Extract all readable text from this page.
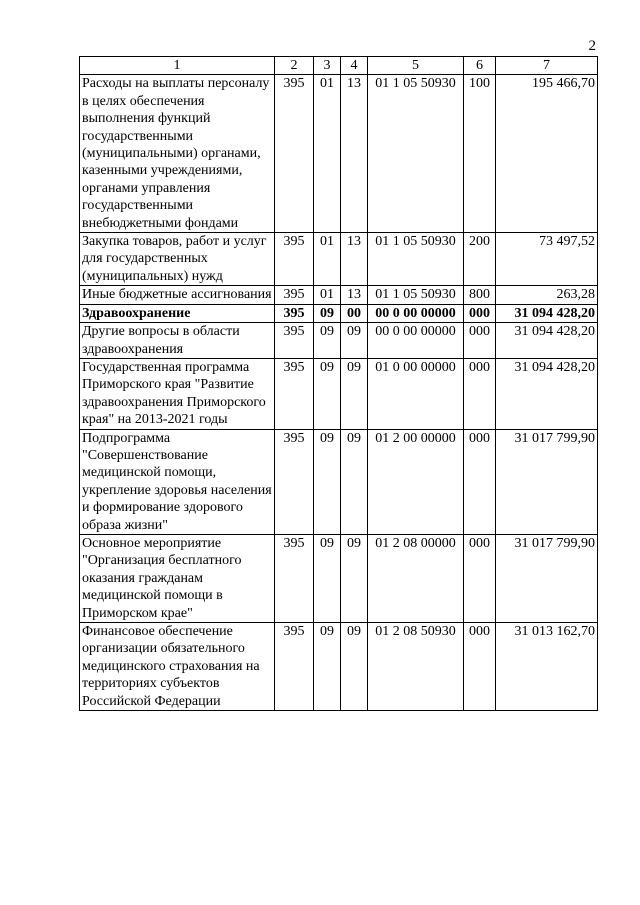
2
1	2	3	4	5	6	7
Расходы на выплаты персоналу в целях обеспечения выполнения функций государственными (муниципальными) органами, казенными учреждениями, органами управления государственными внебюджетными фондами	395	01	13	01 1 05 50930	100	195 466,70
Закупка товаров, работ и услуг для государственных (муниципальных) нужд	395	01	13	01 1 05 50930	200	73 497,52
Иные бюджетные ассигнования	395	01	13	01 1 05 50930	800	263,28
Здравоохранение	395	09	00	00 0 00 00000	000	31 094 428,20
Другие вопросы в области здравоохранения	395	09	09	00 0 00 00000	000	31 094 428,20
Государственная программа Приморского края "Развитие здравоохранения Приморского края" на 2013-2021 годы	395	09	09	01 0 00 00000	000	31 094 428,20
Подпрограмма "Совершенствование медицинской помощи, укрепление здоровья населения и формирование здорового образа жизни"	395	09	09	01 2 00 00000	000	31 017 799,90
Основное мероприятие "Организация бесплатного оказания гражданам медицинской помощи в Приморском крае"	395	09	09	01 2 08 00000	000	31 017 799,90
Финансовое обеспечение организации обязательного медицинского страхования на территориях субъектов Российской Федерации	395	09	09	01 2 08 50930	000	31 013 162,70
